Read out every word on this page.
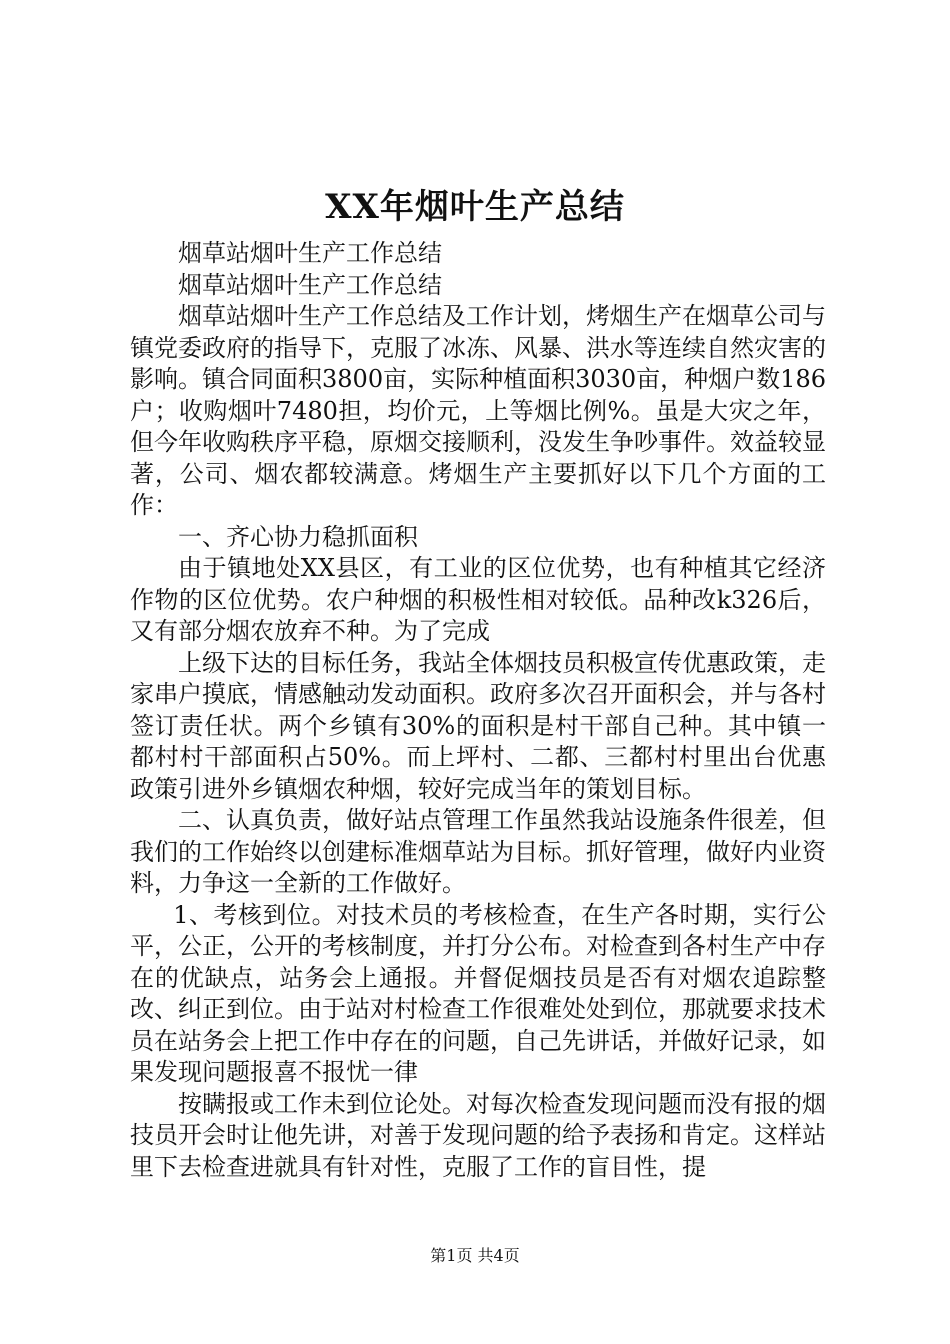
XX年烟叶生产总结

烟草站烟叶生产工作总结

烟草站烟叶生产工作总结

烟草站烟叶生产工作总结及工作计划，烤烟生产在烟草公司与镇党委政府的指导下，克服了冰冻、风暴、洪水等连续自然灾害的影响。镇合同面积3800亩，实际种植面积3030亩，种烟户数186户；收购烟叶7480担，均价元，上等烟比例%。虽是大灾之年，但今年收购秩序平稳，原烟交接顺利，没发生争吵事件。效益较显著，公司、烟农都较满意。烤烟生产主要抓好以下几个方面的工作：

一、齐心协力稳抓面积

由于镇地处XX县区，有工业的区位优势，也有种植其它经济作物的区位优势。农户种烟的积极性相对较低。品种改k326后，又有部分烟农放弃不种。为了完成

上级下达的目标任务，我站全体烟技员积极宣传优惠政策，走家串户摸底，情感触动发动面积。政府多次召开面积会，并与各村签订责任状。两个乡镇有30%的面积是村干部自己种。其中镇一都村村干部面积占50%。而上坪村、二都、三都村村里出台优惠政策引进外乡镇烟农种烟，较好完成当年的策划目标。

二、认真负责，做好站点管理工作虽然我站设施条件很差，但我们的工作始终以创建标准烟草站为目标。抓好管理，做好内业资料，力争这一全新的工作做好。

1、考核到位。对技术员的考核检查，在生产各时期，实行公平，公正，公开的考核制度，并打分公布。对检查到各村生产中存在的优缺点，站务会上通报。并督促烟技员是否有对烟农追踪整改、纠正到位。由于站对村检查工作很难处处到位，那就要求技术员在站务会上把工作中存在的问题，自己先讲话，并做好记录，如果发现问题报喜不报忧一律

按瞒报或工作未到位论处。对每次检查发现问题而没有报的烟技员开会时让他先讲，对善于发现问题的给予表扬和肯定。这样站里下去检查进就具有针对性，克服了工作的盲目性，提

第1页 共4页
